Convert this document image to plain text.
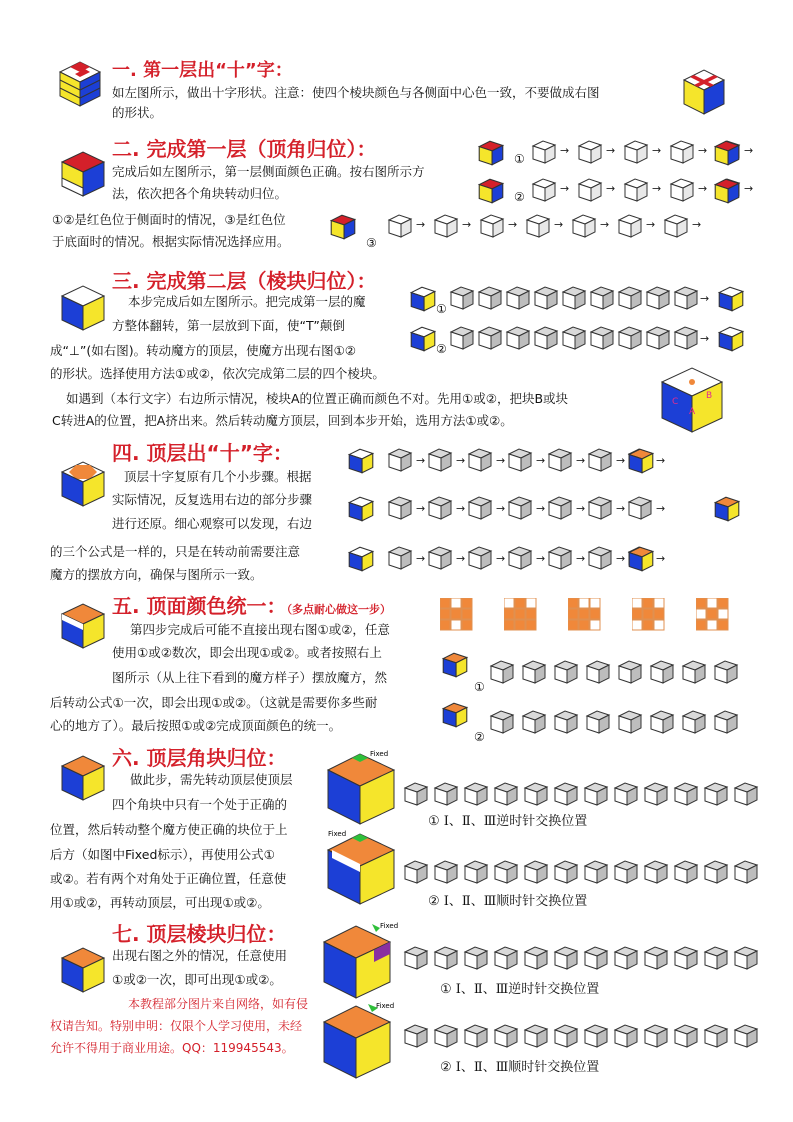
一. 第一层出“十”字：
如左图所示，做出十字形状。注意：使四个棱块颜色与各侧面中心色一致，不要做成右图
的形状。
二. 完成第一层（顶角归位）：
完成后如左图所示，第一层侧面颜色正确。按右图所示方
法，依次把各个角块转动归位。
①②是红色位于侧面时的情况，③是红色位
于底面时的情况。根据实际情况选择应用。
三. 完成第二层（棱块归位）：
本步完成后如左图所示。把完成第一层的魔
方整体翻转，第一层放到下面，使“T”颠倒
成“⊥”(如右图)。转动魔方的顶层，使魔方出现右图①②
的形状。选择使用方法①或②，依次完成第二层的四个棱块。
如遇到（本行文字）右边所示情况，棱块A的位置正确而颜色不对。先用①或②，把块B或块
C转进A的位置，把A挤出来。然后转动魔方顶层，回到本步开始，选用方法①或②。
C
B
A
四. 顶层出“十”字：
顶层十字复原有几个小步骤。根据
实际情况，反复选用右边的部分步骤
进行还原。细心观察可以发现，右边
的三个公式是一样的，只是在转动前需要注意
魔方的摆放方向，确保与图所示一致。
五. 顶面颜色统一：（多点耐心做这一步）
第四步完成后可能不直接出现右图①或②，任意
使用①或②数次，即会出现①或②。或者按照右上
图所示（从上往下看到的魔方样子）摆放魔方，然
后转动公式①一次，即会出现①或②。（这就是需要你多些耐
心的地方了）。最后按照①或②完成顶面颜色的统一。
六. 顶层角块归位：
做此步，需先转动顶层使顶层
四个角块中只有一个处于正确的
位置，然后转动整个魔方使正确的块位于上
后方（如图中Fixed标示），再使用公式①
或②。若有两个对角处于正确位置，任意使
用①或②，再转动顶层，可出现①或②。
Fixed
Fixed
七. 顶层棱块归位：
出现右图之外的情况，任意使用
①或②一次，即可出现①或②。
本教程部分图片来自网络，如有侵
权请告知。特别申明：仅限个人学习使用，未经
允许不得用于商业用途。QQ：119945543。
Fixed
Fixed
① Ⅰ、Ⅱ、Ⅲ逆时针交换位置
② Ⅰ、Ⅱ、Ⅲ顺时针交换位置
① Ⅰ、Ⅱ、Ⅲ逆时针交换位置
② Ⅰ、Ⅱ、Ⅲ顺时针交换位置
①
→	→	→	→	→
②
→	→	→	→	→
③
→	→	→	→	→	→	→
①
→
②
→
→	→	→	→	→	→	→
→	→	→	→	→	→	→
→	→	→	→	→	→	→
①
②
